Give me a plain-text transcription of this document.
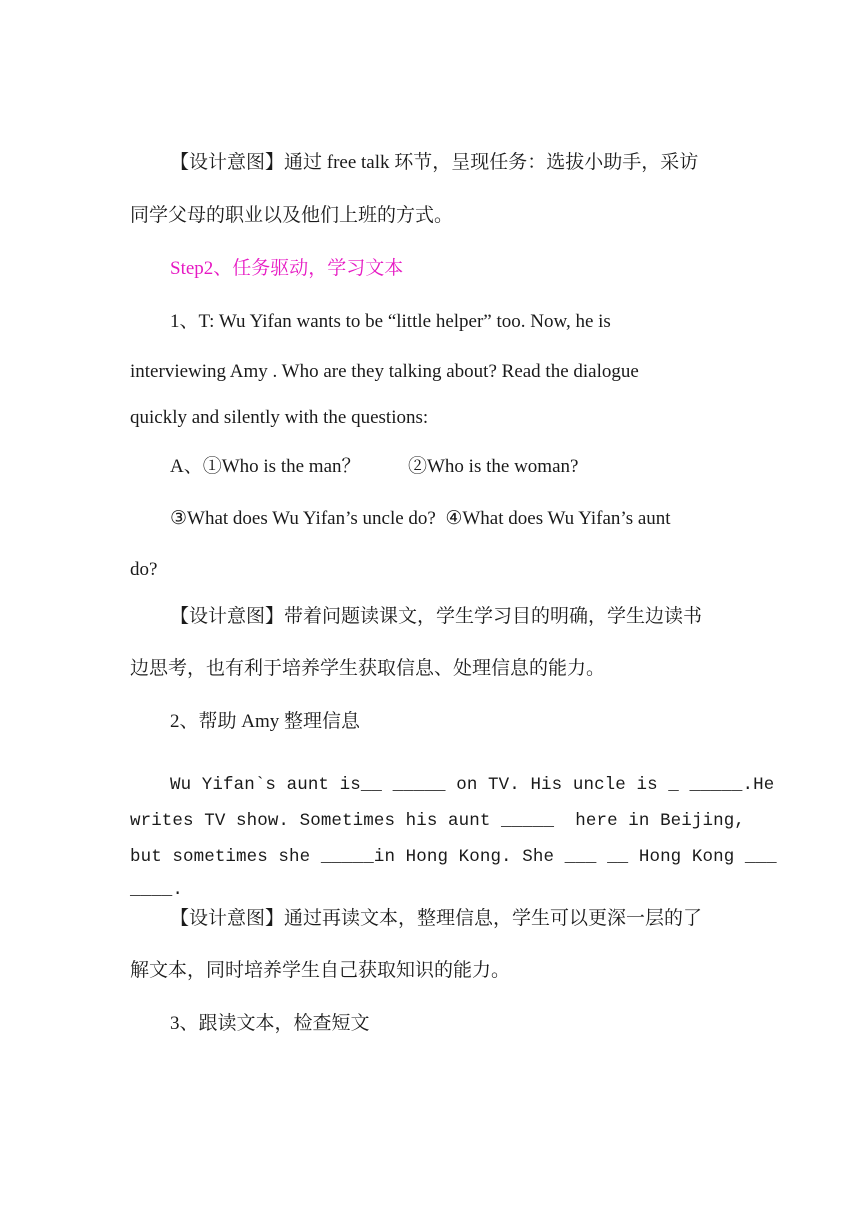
【设计意图】通过 free talk 环节，呈现任务：选拔小助手，采访
同学父母的职业以及他们上班的方式。
Step2、任务驱动，学习文本
1、T: Wu Yifan wants to be “little helper” too. Now, he is
interviewing Amy . Who are they talking about? Read the dialogue
quickly and silently with the questions:
A、①Who is the man？          ②Who is the woman?
③What does Wu Yifan’s uncle do?  ④What does Wu Yifan’s aunt
do?
【设计意图】带着问题读课文，学生学习目的明确，学生边读书
边思考，也有利于培养学生获取信息、处理信息的能力。
2、帮助 Amy 整理信息
Wu Yifan`s aunt is__ _____ on TV. His uncle is _ _____.He
writes TV show. Sometimes his aunt _____  here in Beijing,
but sometimes she _____in Hong Kong. She ___ __ Hong Kong ___
____.
【设计意图】通过再读文本，整理信息，学生可以更深一层的了
解文本，同时培养学生自己获取知识的能力。
3、跟读文本，检查短文
